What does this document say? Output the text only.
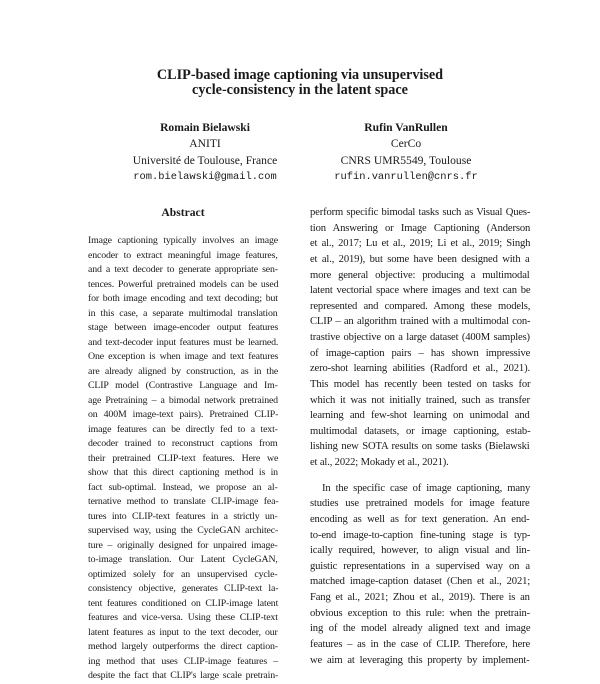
CLIP-based image captioning via unsupervised
cycle-consistency in the latent space
Romain Bielawski
ANITI
Université de Toulouse, France
rom.bielawski@gmail.com
Rufin VanRullen
CerCo
CNRS UMR5549, Toulouse
rufin.vanrullen@cnrs.fr
Abstract
Image captioning typically involves an image
encoder to extract meaningful image features,
and a text decoder to generate appropriate sen-
tences. Powerful pretrained models can be used
for both image encoding and text decoding; but
in this case, a separate multimodal translation
stage between image-encoder output features
and text-decoder input features must be learned.
One exception is when image and text features
are already aligned by construction, as in the
CLIP model (Contrastive Language and Im-
age Pretraining – a bimodal network pretrained
on 400M image-text pairs). Pretrained CLIP-
image features can be directly fed to a text-
decoder trained to reconstruct captions from
their pretrained CLIP-text features. Here we
show that this direct captioning method is in
fact sub-optimal. Instead, we propose an al-
ternative method to translate CLIP-image fea-
tures into CLIP-text features in a strictly un-
supervised way, using the CycleGAN architec-
ture – originally designed for unpaired image-
to-image translation. Our Latent CycleGAN,
optimized solely for an unsupervised cycle-
consistency objective, generates CLIP-text la-
tent features conditioned on CLIP-image latent
features and vice-versa. Using these CLIP-text
latent features as input to the text decoder, our
method largely outperforms the direct caption-
ing method that uses CLIP-image features –
despite the fact that CLIP's large scale pretrain-
perform specific bimodal tasks such as Visual Ques-
tion Answering or Image Captioning (Anderson
et al., 2017; Lu et al., 2019; Li et al., 2019; Singh
et al., 2019), but some have been designed with a
more general objective: producing a multimodal
latent vectorial space where images and text can be
represented and compared. Among these models,
CLIP – an algorithm trained with a multimodal con-
trastive objective on a large dataset (400M samples)
of image-caption pairs – has shown impressive
zero-shot learning abilities (Radford et al., 2021).
This model has recently been tested on tasks for
which it was not initially trained, such as transfer
learning and few-shot learning on unimodal and
multimodal datasets, or image captioning, estab-
lishing new SOTA results on some tasks (Bielawski
et al., 2022; Mokady et al., 2021).
In the specific case of image captioning, many
studies use pretrained models for image feature
encoding as well as for text generation. An end-
to-end image-to-caption fine-tuning stage is typ-
ically required, however, to align visual and lin-
guistic representations in a supervised way on a
matched image-caption dataset (Chen et al., 2021;
Fang et al., 2021; Zhou et al., 2019). There is an
obvious exception to this rule: when the pretrain-
ing of the model already aligned text and image
features – as in the case of CLIP. Therefore, here
we aim at leveraging this property by implement-
